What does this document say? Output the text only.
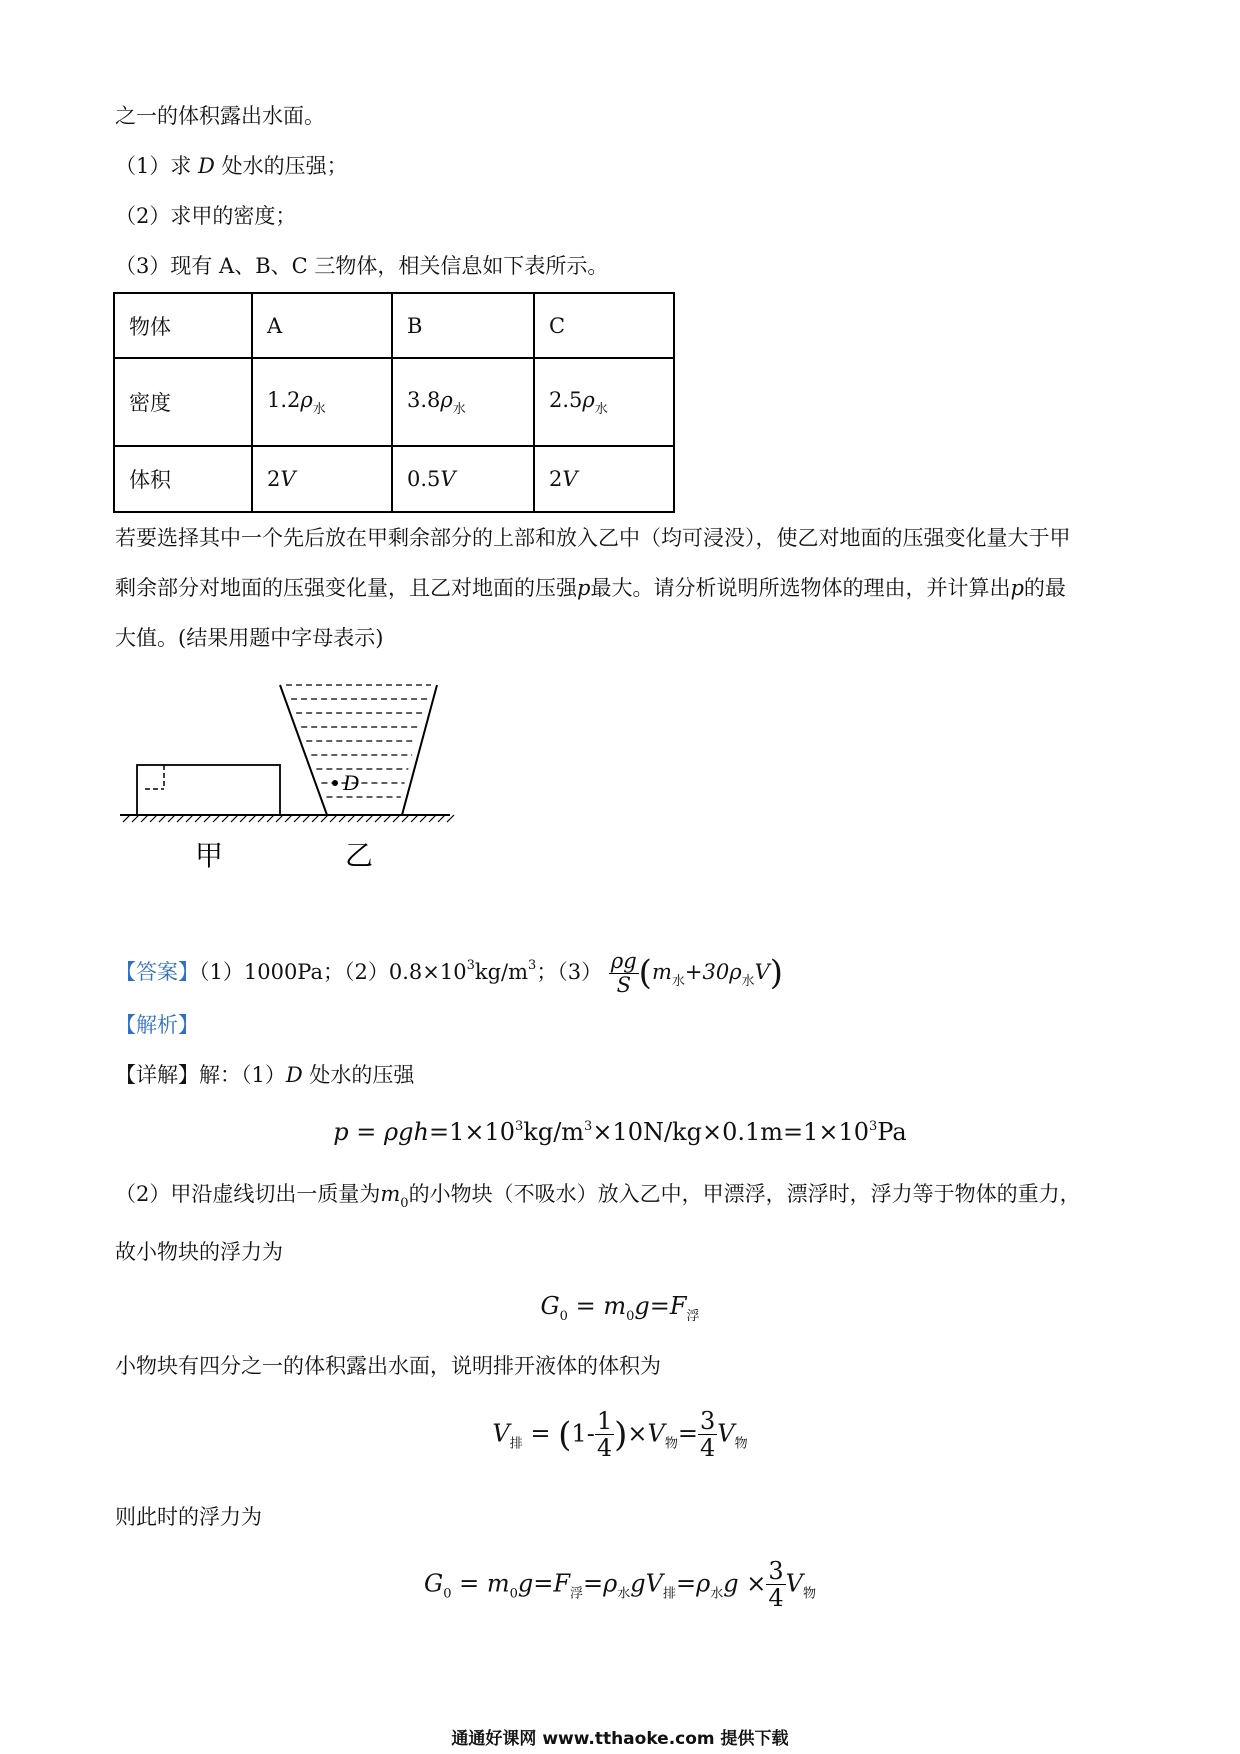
之一的体积露出水面。
（1）求 D 处水的压强；
（2）求甲的密度；
（3）现有 A、B、C 三物体，相关信息如下表所示。
物体	A	B	C
密度	$1.2\rho_水$	$3.8\rho_水$	$2.5\rho_水$
体积	2V	0.5V	2V
若要选择其中一个先后放在甲剩余部分的上部和放入乙中（均可浸没），使乙对地面的压强变化量大于甲
剩余部分对地面的压强变化量，且乙对地面的压强p最大。请分析说明所选物体的理由，并计算出p的最
大值。(结果用题中字母表示)
D
甲	乙
【答案】（1）1000Pa；$(2)0.8\times 10^3kg/m^3$；$(3) \frac{\rho g}{S} (m_水+30\rho_水V)$
【解析】
【详解】解：（1）D 处水的压强
$p = \rho gh=1\times 10^3kg/m^3\times 10N/kg\times 0.1m=1\times 10^3Pa$
（2）甲沿虚线切出一质量为$m_0$的小物块（不吸水）放入乙中，甲漂浮，漂浮时，浮力等于物体的重力，
故小物块的浮力为
$G_0 = m_0g=F_浮$
小物块有四分之一的体积露出水面，说明排开液体的体积为
$V_排 = (1- \frac{1}{4} )\times V_物= \frac{3}{4} V_物$
则此时的浮力为
$G_0 = m_0g=F_浮=\rho_水gV_排=\rho_水g \times \frac{3}{4} V_物$
通通好课网 www.tthaoke.com 提供下载
